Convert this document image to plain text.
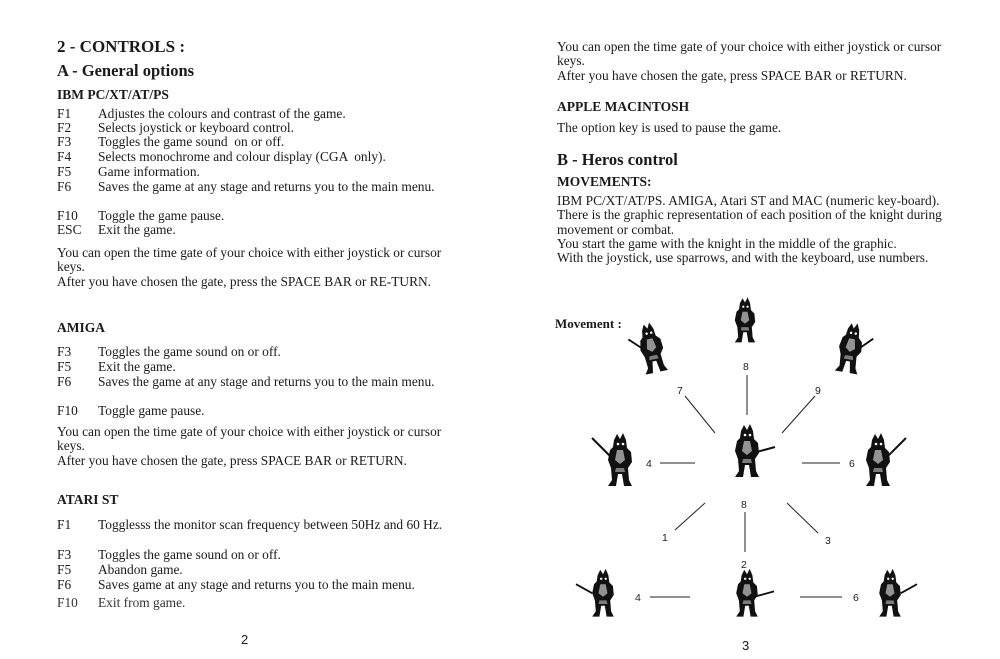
2 - CONTROLS :
A - General options
IBM PC/XT/AT/PS
F1 Adjustes the colours and contrast of the game.
F2 Selects joystick or keyboard control.
F3 Toggles the game sound  on or off.
F4 Selects monochrome and colour display (CGA  only).
F5 Game information.
F6 Saves the game at any stage and returns you to the main menu.
F10 Toggle the game pause.
ESC Exit the game.
You can open the time gate of your choice with either joystick or cursor keys.
After you have chosen the gate, press the SPACE BAR or RE-TURN.
AMIGA
F3 Toggles the game sound on or off.
F5 Exit the game.
F6 Saves the game at any stage and returns you to the main menu.
F10 Toggle game pause.
You can open the time gate of your choice with either joystick or cursor keys.
After you have chosen the gate, press SPACE BAR or RETURN.
ATARI ST
F1 Togglesss the monitor scan frequency between 50Hz and 60 Hz.
F3 Toggles the game sound on or off.
F5 Abandon game.
F6 Saves game at any stage and returns you to the main menu.
F10 Exit from game.
2
You can open the time gate of your choice with either joystick or cursor keys.
After you have chosen the gate, press SPACE BAR or RETURN.
APPLE MACINTOSH
The option key is used to pause the game.
B - Heros control
MOVEMENTS:
IBM PC/XT/AT/PS. AMIGA, Atari ST and MAC (numeric key-board).
There is the graphic representation of each position of the knight during movement or combat.
You start the game with the knight in the middle of the graphic.
With the joystick, use sparrows, and with the keyboard, use numbers.
Movement :
8
7	9
4	6
8
1	3
2
4	6
3
